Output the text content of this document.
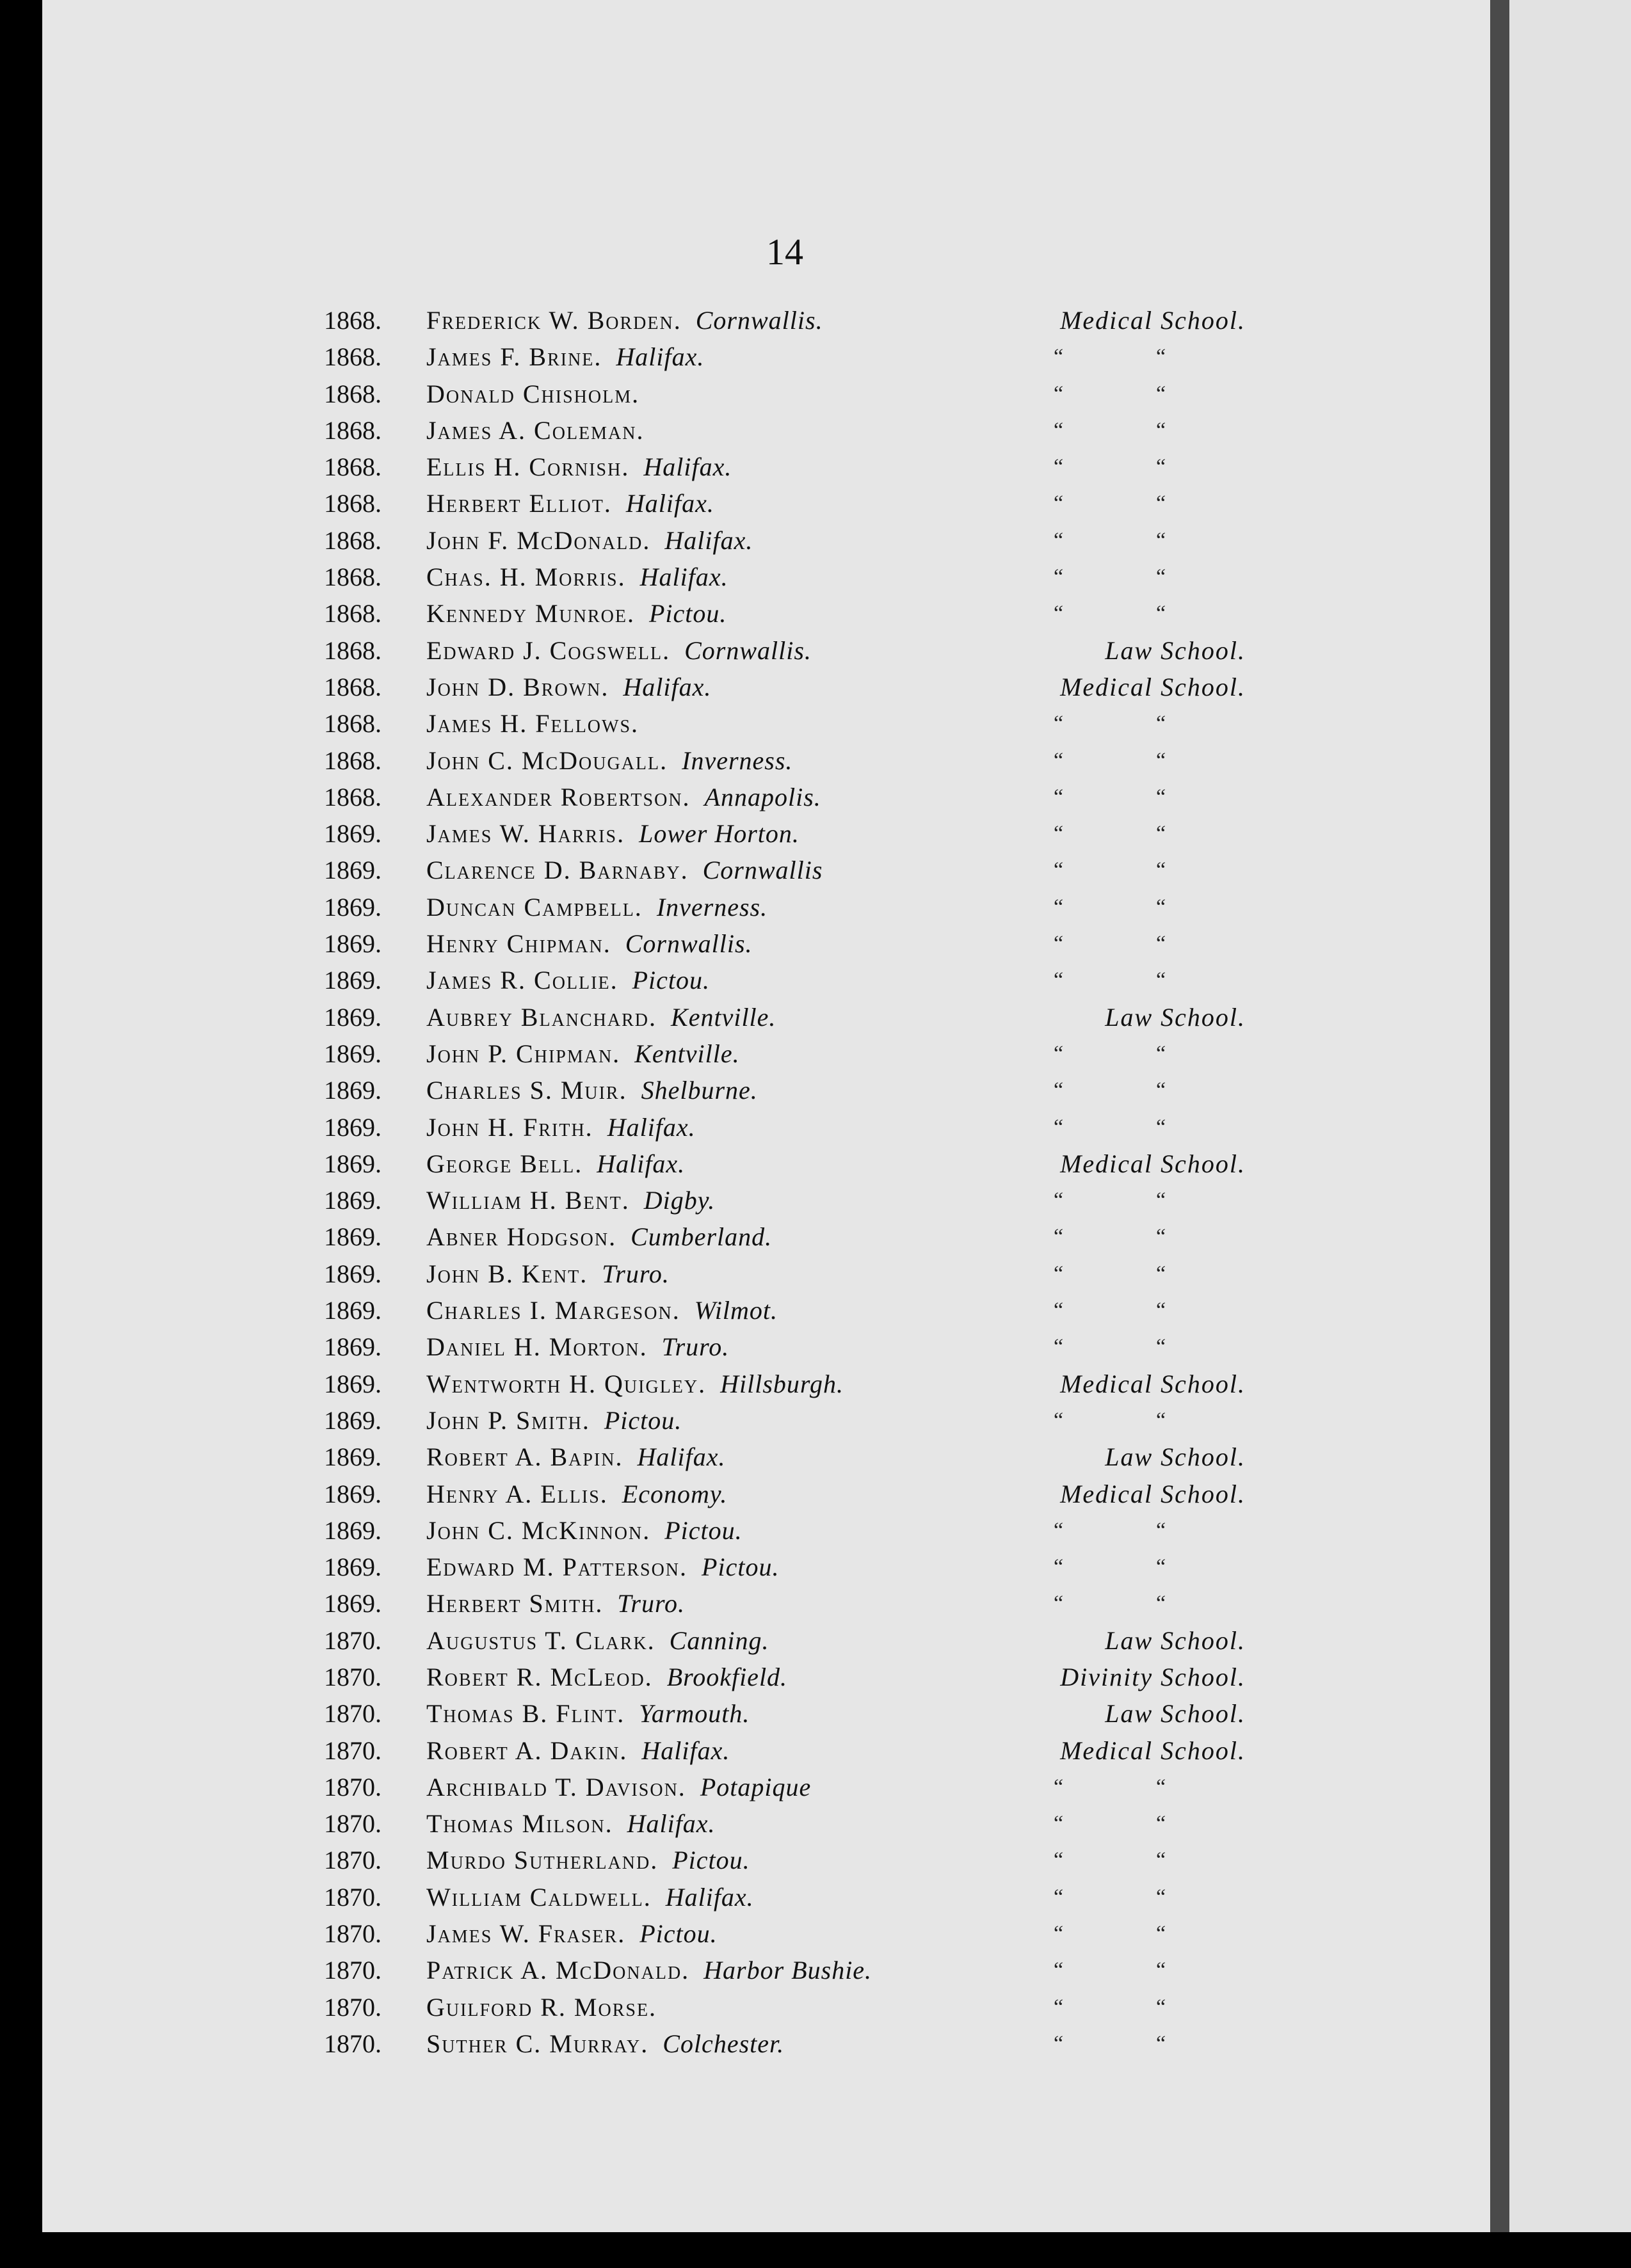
14
1868. Frederick W. Borden. Cornwallis.	Medical School.
1868. James F. Brine. Halifax.	“	“
1868. Donald Chisholm.	“	“
1868. James A. Coleman.	“	“
1868. Ellis H. Cornish. Halifax.	“	“
1868. Herbert Elliot. Halifax.	“	“
1868. John F. McDonald. Halifax.	“	“
1868. Chas. H. Morris. Halifax.	“	“
1868. Kennedy Munroe. Pictou.	“	“
1868. Edward J. Cogswell. Cornwallis.	Law School.
1868. John D. Brown. Halifax.	Medical School.
1868. James H. Fellows.	“	“
1868. John C. McDougall. Inverness.	“	“
1868. Alexander Robertson. Annapolis.	“	“
1869. James W. Harris. Lower Horton.	“	“
1869. Clarence D. Barnaby. Cornwallis	“	“
1869. Duncan Campbell. Inverness.	“	“
1869. Henry Chipman. Cornwallis.	“	“
1869. James R. Collie. Pictou.	“	“
1869. Aubrey Blanchard. Kentville.	Law School.
1869. John P. Chipman. Kentville.	“	“
1869. Charles S. Muir. Shelburne.	“	“
1869. John H. Frith. Halifax.	“	“
1869. George Bell. Halifax.	Medical School.
1869. William H. Bent. Digby.	“	“
1869. Abner Hodgson. Cumberland.	“	“
1869. John B. Kent. Truro.	“	“
1869. Charles I. Margeson. Wilmot.	“	“
1869. Daniel H. Morton. Truro.	“	“
1869. Wentworth H. Quigley. Hillsburgh.	Medical School.
1869. John P. Smith. Pictou.	“	“
1869. Robert A. Bapin. Halifax.	Law School.
1869. Henry A. Ellis. Economy.	Medical School.
1869. John C. McKinnon. Pictou.	“	“
1869. Edward M. Patterson. Pictou.	“	“
1869. Herbert Smith. Truro.	“	“
1870. Augustus T. Clark. Canning.	Law School.
1870. Robert R. McLeod. Brookfield.	Divinity School.
1870. Thomas B. Flint. Yarmouth.	Law School.
1870. Robert A. Dakin. Halifax.	Medical School.
1870. Archibald T. Davison. Potapique	“	“
1870. Thomas Milson. Halifax.	“	“
1870. Murdo Sutherland. Pictou.	“	“
1870. William Caldwell. Halifax.	“	“
1870. James W. Fraser. Pictou.	“	“
1870. Patrick A. McDonald. Harbor Bushie.	“	“
1870. Guilford R. Morse.	“	“
1870. Suther C. Murray. Colchester.	“	“
